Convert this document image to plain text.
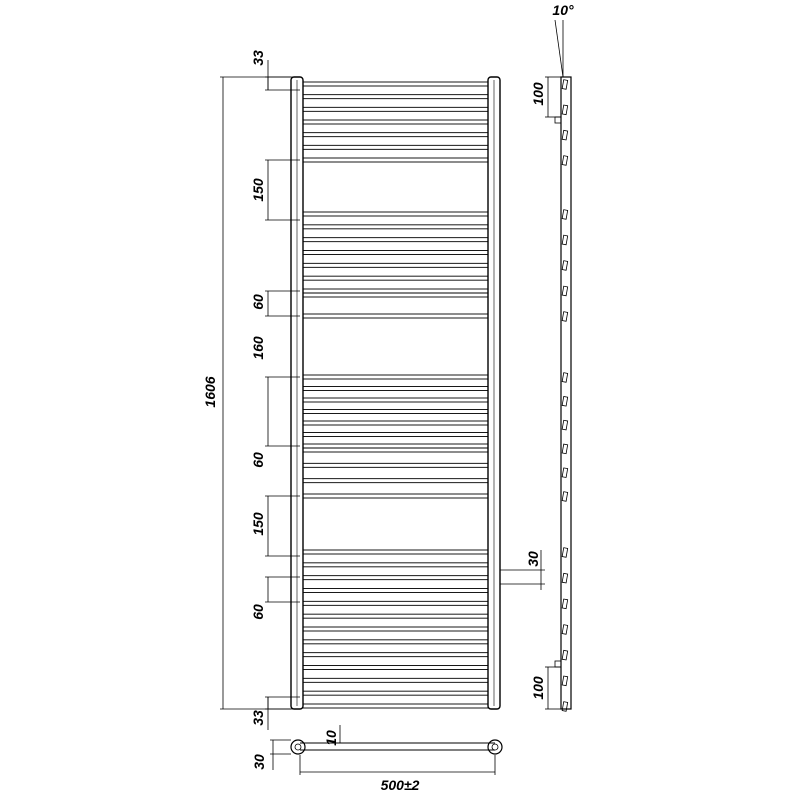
1606
33
150
60
160
60
150
60
33
30
10°
100
100
30
10
500±2
